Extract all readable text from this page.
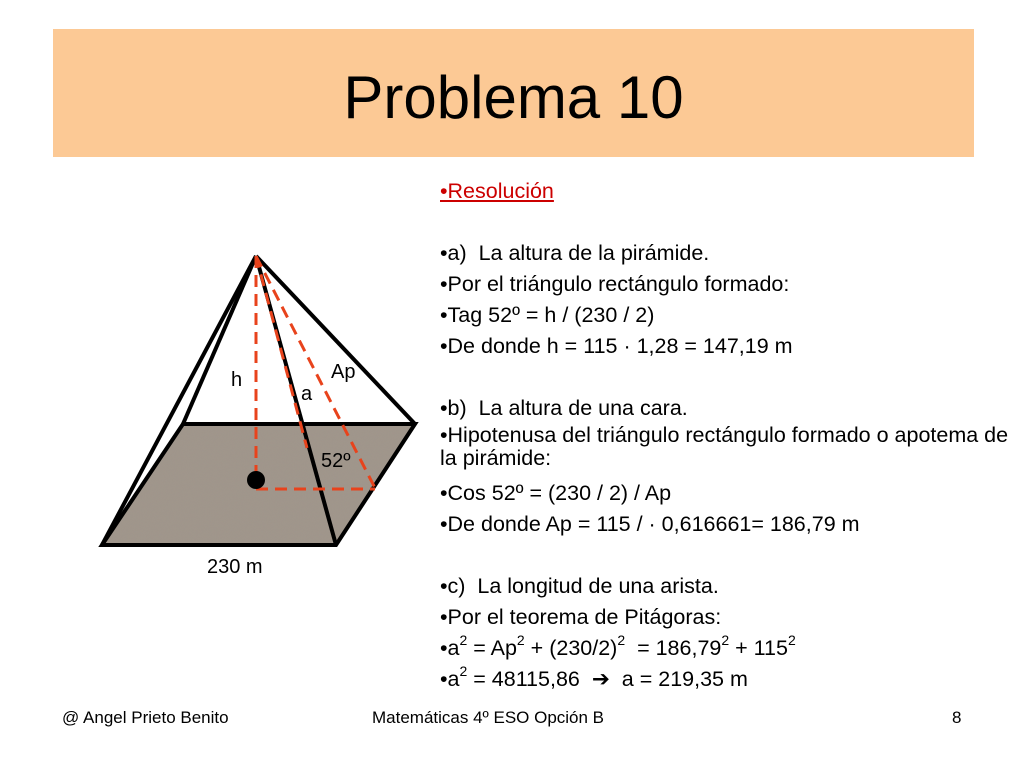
Problema 10
h
a
Ap
52º
230 m
•Resolución
•a)  La altura de la pirámide.
•Por el triángulo rectángulo formado:
•Tag 52º = h / (230 / 2)
•De donde h = 115 · 1,28 = 147,19 m
•b)  La altura de una cara.
•Hipotenusa del triángulo rectángulo formado o apotema de la pirámide:
•Cos 52º = (230 / 2) / Ap
•De donde Ap = 115 / · 0,616661= 186,79 m
•c)  La longitud de una arista.
•Por el teorema de Pitágoras:
$•a^2 = Ap^2 + (230/2)^2 = 186,79^2 + 115^2$
$•a^2 = 48115,86$  ➔  a = 219,35 m
@ Angel Prieto Benito	Matemáticas 4º ESO Opción B	8
